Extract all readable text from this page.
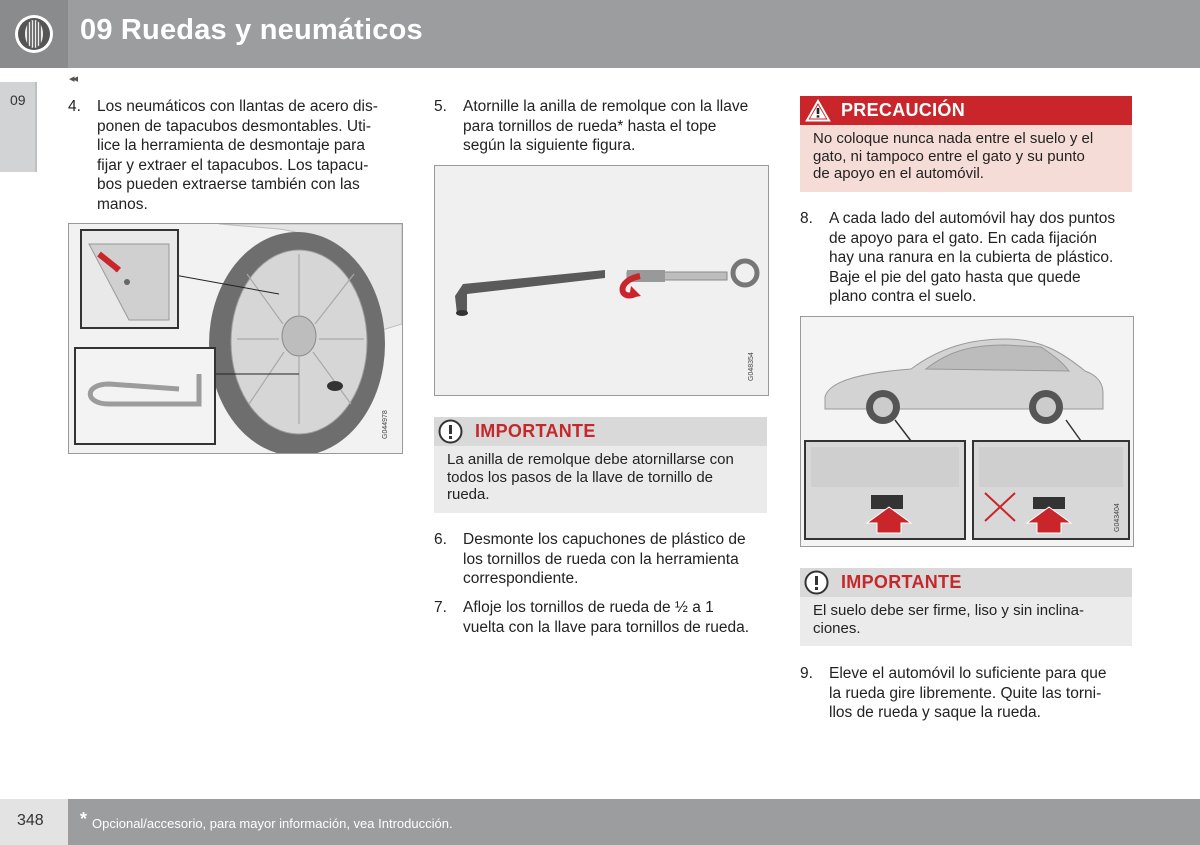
09 Ruedas y neumáticos
09
◂◂
4. Los neumáticos con llantas de acero dis-
ponen de tapacubos desmontables. Uti-
lice la herramienta de desmontaje para
fijar y extraer el tapacubos. Los tapacu-
bos pueden extraerse también con las
manos.
G044978
5. Atornille la anilla de remolque con la llave
para tornillos de rueda* hasta el tope
según la siguiente figura.
G048354
IMPORTANTE
La anilla de remolque debe atornillarse con
todos los pasos de la llave de tornillo de
rueda.
6. Desmonte los capuchones de plástico de
los tornillos de rueda con la herramienta
correspondiente.
7. Afloje los tornillos de rueda de ½ a 1
vuelta con la llave para tornillos de rueda.
PRECAUCIÓN
No coloque nunca nada entre el suelo y el
gato, ni tampoco entre el gato y su punto
de apoyo en el automóvil.
8. A cada lado del automóvil hay dos puntos
de apoyo para el gato. En cada fijación
hay una ranura en la cubierta de plástico.
Baje el pie del gato hasta que quede
plano contra el suelo.
G043404
IMPORTANTE
El suelo debe ser firme, liso y sin inclina-
ciones.
9. Eleve el automóvil lo suficiente para que
la rueda gire libremente. Quite las torni-
llos de rueda y saque la rueda.
348 * Opcional/accesorio, para mayor información, vea Introducción.
